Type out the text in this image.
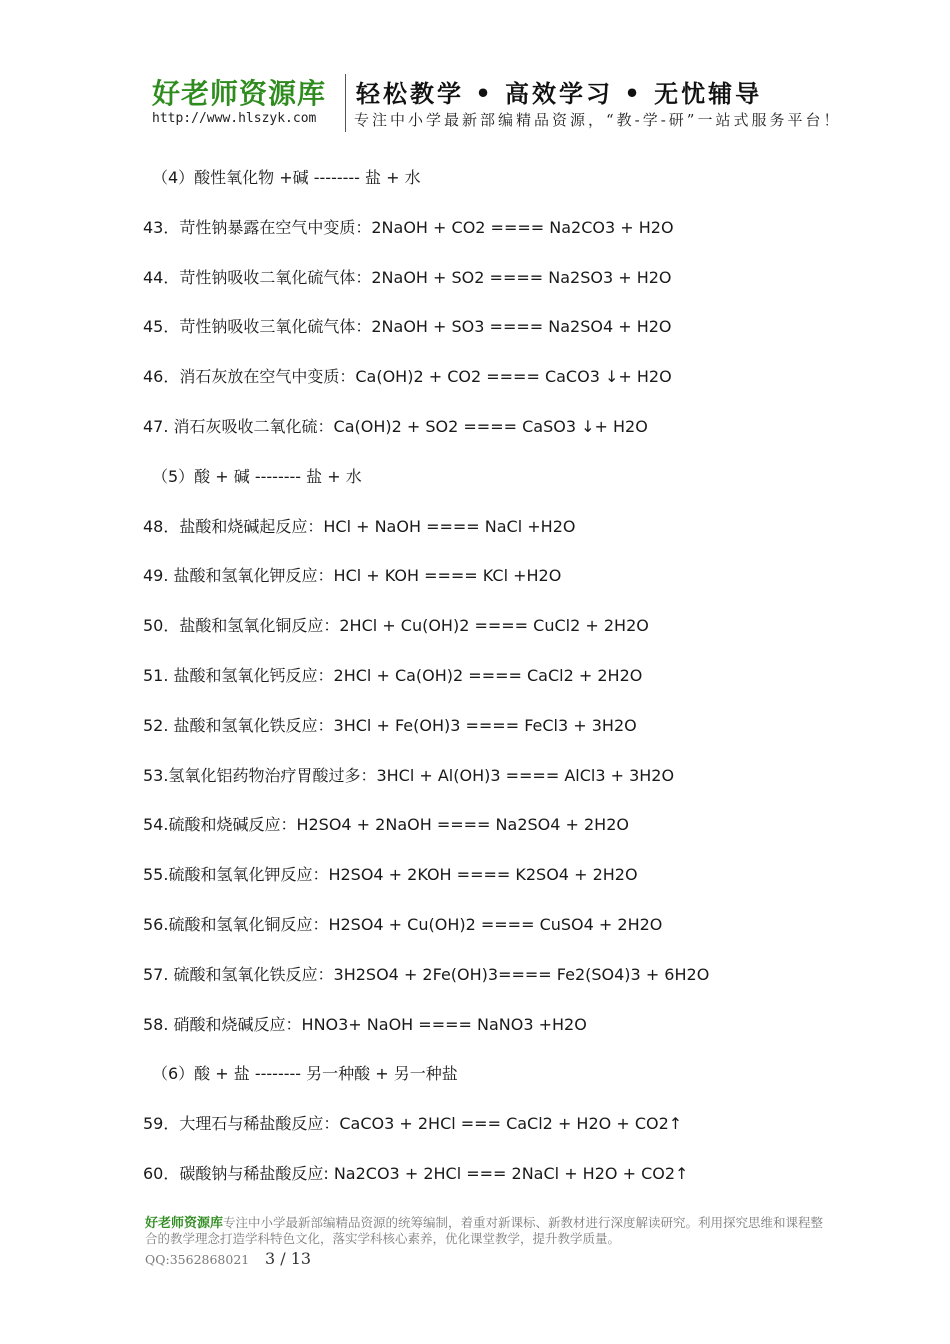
好老师资源库 轻松教学 • 高效学习 • 无忧辅导
http://www.hlszyk.com	专注中小学最新部编精品资源，“教-学-研”一站式服务平台！
（4）酸性氧化物 +碱 -------- 盐 + 水
43．苛性钠暴露在空气中变质：2NaOH + CO2 ==== Na2CO3 + H2O
44．苛性钠吸收二氧化硫气体：2NaOH + SO2 ==== Na2SO3 + H2O
45．苛性钠吸收三氧化硫气体：2NaOH + SO3 ==== Na2SO4 + H2O
46．消石灰放在空气中变质：Ca(OH)2 + CO2 ==== CaCO3 ↓+ H2O
47. 消石灰吸收二氧化硫：Ca(OH)2 + SO2 ==== CaSO3 ↓+ H2O
（5）酸 + 碱 -------- 盐 + 水
48．盐酸和烧碱起反应：HCl + NaOH ==== NaCl +H2O
49. 盐酸和氢氧化钾反应：HCl + KOH ==== KCl +H2O
50．盐酸和氢氧化铜反应：2HCl + Cu(OH)2 ==== CuCl2 + 2H2O
51. 盐酸和氢氧化钙反应：2HCl + Ca(OH)2 ==== CaCl2 + 2H2O
52. 盐酸和氢氧化铁反应：3HCl + Fe(OH)3 ==== FeCl3 + 3H2O
53.氢氧化铝药物治疗胃酸过多：3HCl + Al(OH)3 ==== AlCl3 + 3H2O
54.硫酸和烧碱反应：H2SO4 + 2NaOH ==== Na2SO4 + 2H2O
55.硫酸和氢氧化钾反应：H2SO4 + 2KOH ==== K2SO4 + 2H2O
56.硫酸和氢氧化铜反应：H2SO4 + Cu(OH)2 ==== CuSO4 + 2H2O
57. 硫酸和氢氧化铁反应：3H2SO4 + 2Fe(OH)3==== Fe2(SO4)3 + 6H2O
58. 硝酸和烧碱反应：HNO3+ NaOH ==== NaNO3 +H2O
（6）酸 + 盐 -------- 另一种酸 + 另一种盐
59．大理石与稀盐酸反应：CaCO3 + 2HCl === CaCl2 + H2O + CO2↑
60．碳酸钠与稀盐酸反应: Na2CO3 + 2HCl === 2NaCl + H2O + CO2↑

好老师资源库专注中小学最新部编精品资源的统筹编制，着重对新课标、新教材进行深度解读研究。利用探究思维和课程整合的教学理念打造学科特色文化，落实学科核心素养，优化课堂教学，提升教学质量。

QQ:3562868021 3 / 13
